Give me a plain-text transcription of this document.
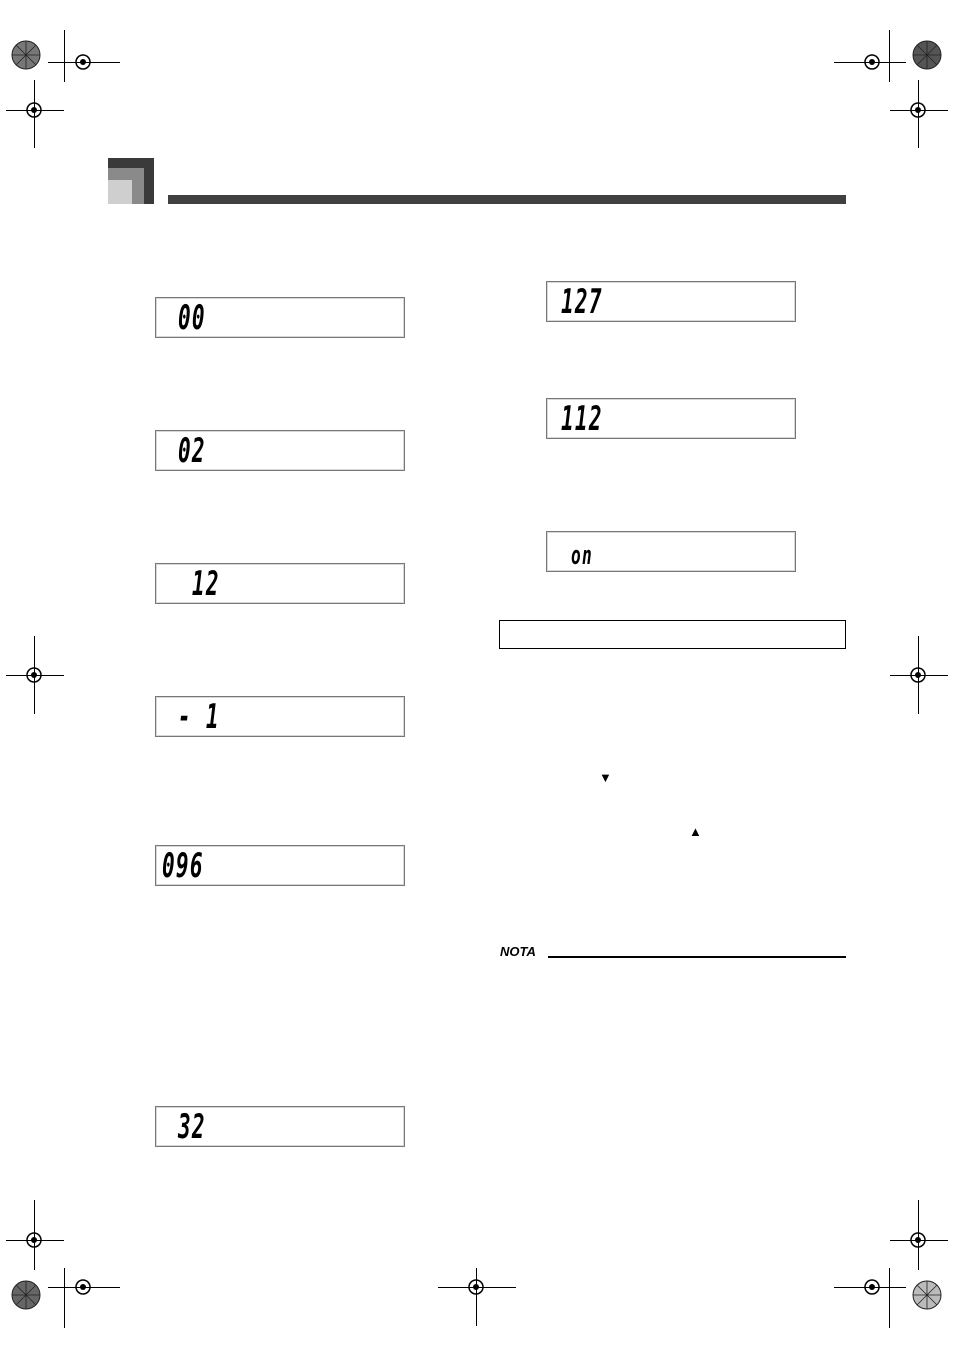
00
02
12
- 1
096
32
127
112
on
▼
▲
NOTA
